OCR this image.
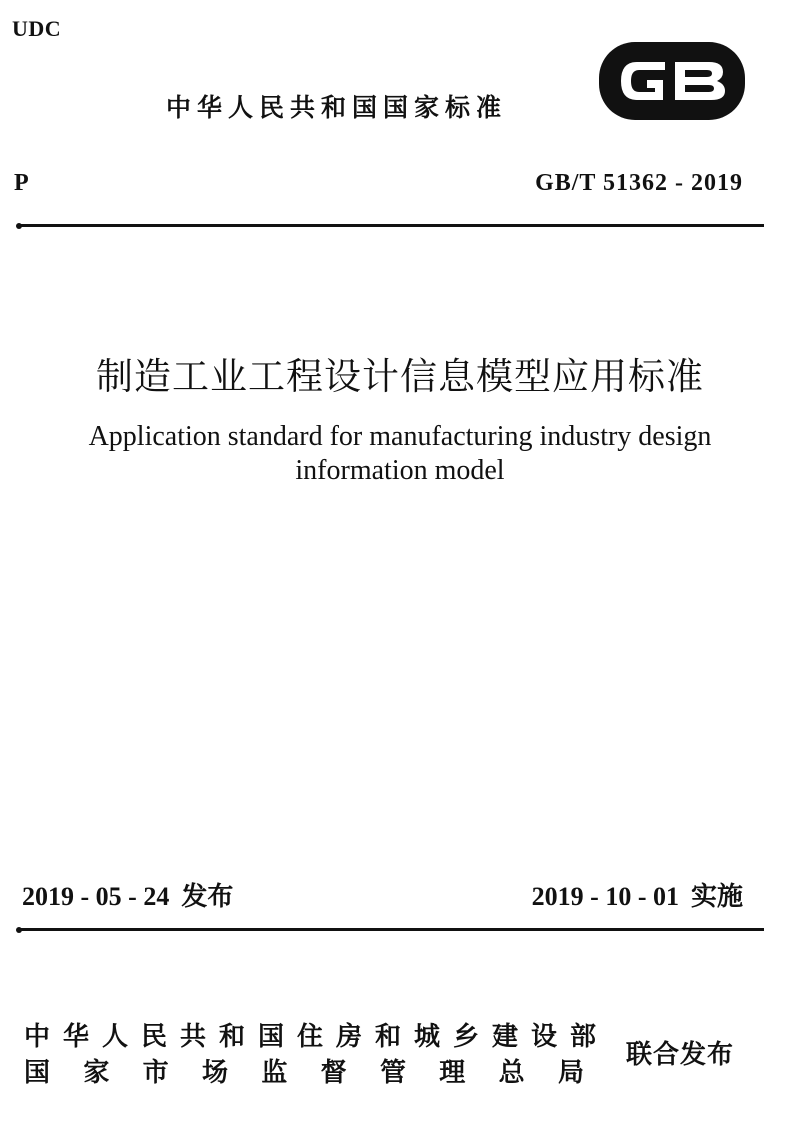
UDC
中华人民共和国国家标准
P	GB/T 51362 - 2019
制造工业工程设计信息模型应用标准
Application standard for manufacturing industry design
information model
2019 - 05 - 24 发布	2019 - 10 - 01 实施
中华人民共和国住房和城乡建设部
国 家 市 场 监 督 管 理 总 局
联合发布
